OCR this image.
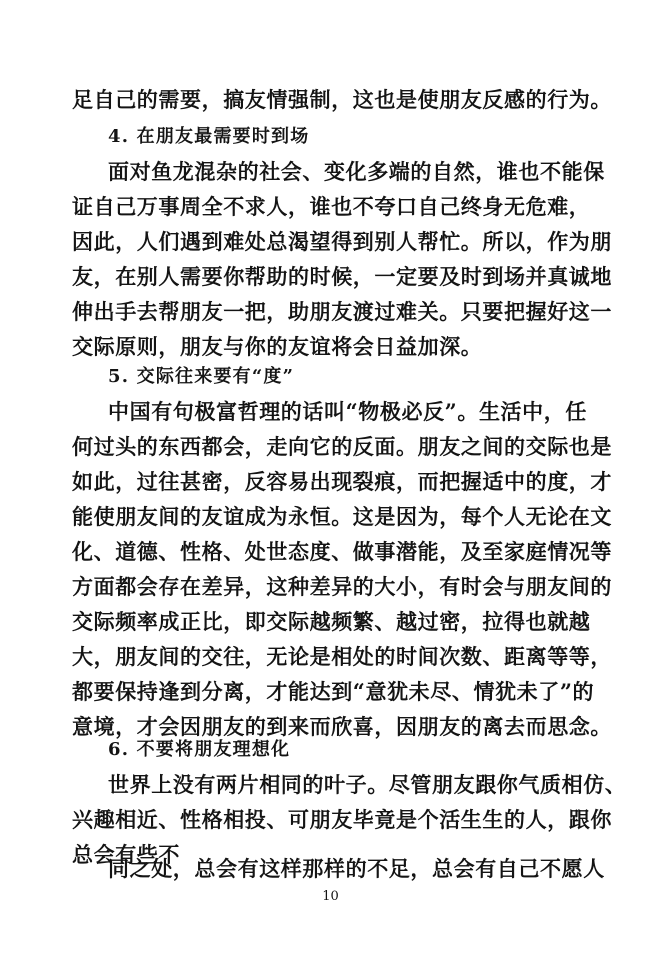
足自己的需要，搞友情强制，这也是使朋友反感的行为。
4. 在朋友最需要时到场
面对鱼龙混杂的社会、变化多端的自然，谁也不能保
证自己万事周全不求人，谁也不夸口自己终身无危难，
因此，人们遇到难处总渴望得到别人帮忙。所以，作为朋
友，在别人需要你帮助的时候，一定要及时到场并真诚地
伸出手去帮朋友一把，助朋友渡过难关。只要把握好这一
交际原则，朋友与你的友谊将会日益加深。
5. 交际往来要有“度”
中国有句极富哲理的话叫“物极必反”。生活中，任
何过头的东西都会，走向它的反面。朋友之间的交际也是
如此，过往甚密，反容易出现裂痕，而把握适中的度，才
能使朋友间的友谊成为永恒。这是因为，每个人无论在文
化、道德、性格、处世态度、做事潜能，及至家庭情况等
方面都会存在差异，这种差异的大小，有时会与朋友间的
交际频率成正比，即交际越频繁、越过密，拉得也就越
大，朋友间的交往，无论是相处的时间次数、距离等等，
都要保持逢到分离，才能达到“意犹未尽、情犹未了”的
意境，才会因朋友的到来而欣喜，因朋友的离去而思念。
6. 不要将朋友理想化
世界上没有两片相同的叶子。尽管朋友跟你气质相仿、
兴趣相近、性格相投、可朋友毕竟是个活生生的人，跟你
总会有些不
同之处，总会有这样那样的不足，总会有自己不愿人
10
